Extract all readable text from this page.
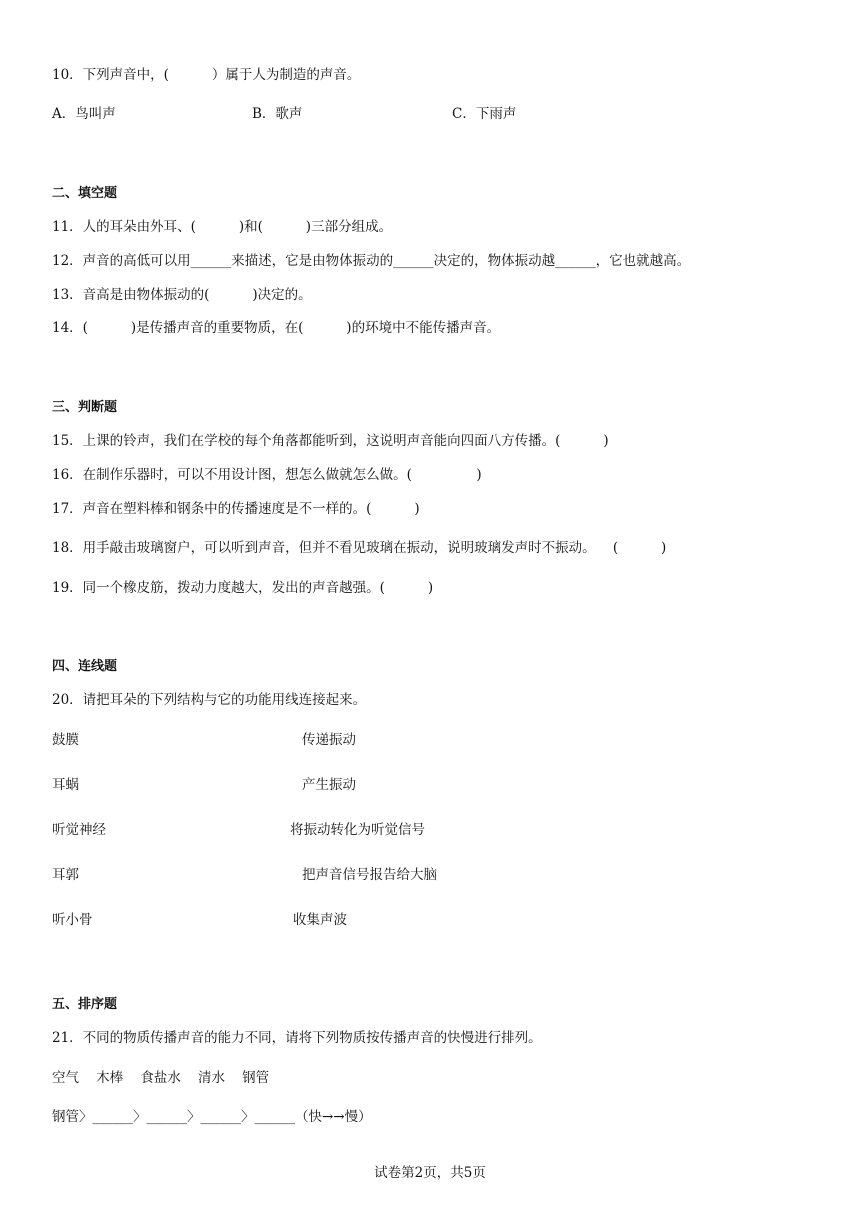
10．下列声音中，(          ）属于人为制造的声音。
A．鸟叫声	B．歌声	C．下雨声
二、填空题
11．人的耳朵由外耳、(          )和(          )三部分组成。
12．声音的高低可以用______来描述，它是由物体振动的______决定的，物体振动越______，它也就越高。
13．音高是由物体振动的(          )决定的。
14．(          )是传播声音的重要物质，在(          )的环境中不能传播声音。
三、判断题
15．上课的铃声，我们在学校的每个角落都能听到，这说明声音能向四面八方传播。(          )
16．在制作乐器时，可以不用设计图，想怎么做就怎么做。(               )
17．声音在塑料棒和钢条中的传播速度是不一样的。(          )
18．用手敲击玻璃窗户，可以听到声音，但并不看见玻璃在振动，说明玻璃发声时不振动。    (          )
19．同一个橡皮筋，拨动力度越大，发出的声音越强。(          )
四、连线题
20．请把耳朵的下列结构与它的功能用线连接起来。
鼓膜	传递振动
耳蜗	产生振动
听觉神经	将振动转化为听觉信号
耳郭	把声音信号报告给大脑
听小骨	收集声波
五、排序题
21．不同的物质传播声音的能力不同，请将下列物质按传播声音的快慢进行排列。
空气    木棒    食盐水    清水    钢管
钢管〉______〉______〉______〉______（快→→慢）
试卷第2页，共5页
